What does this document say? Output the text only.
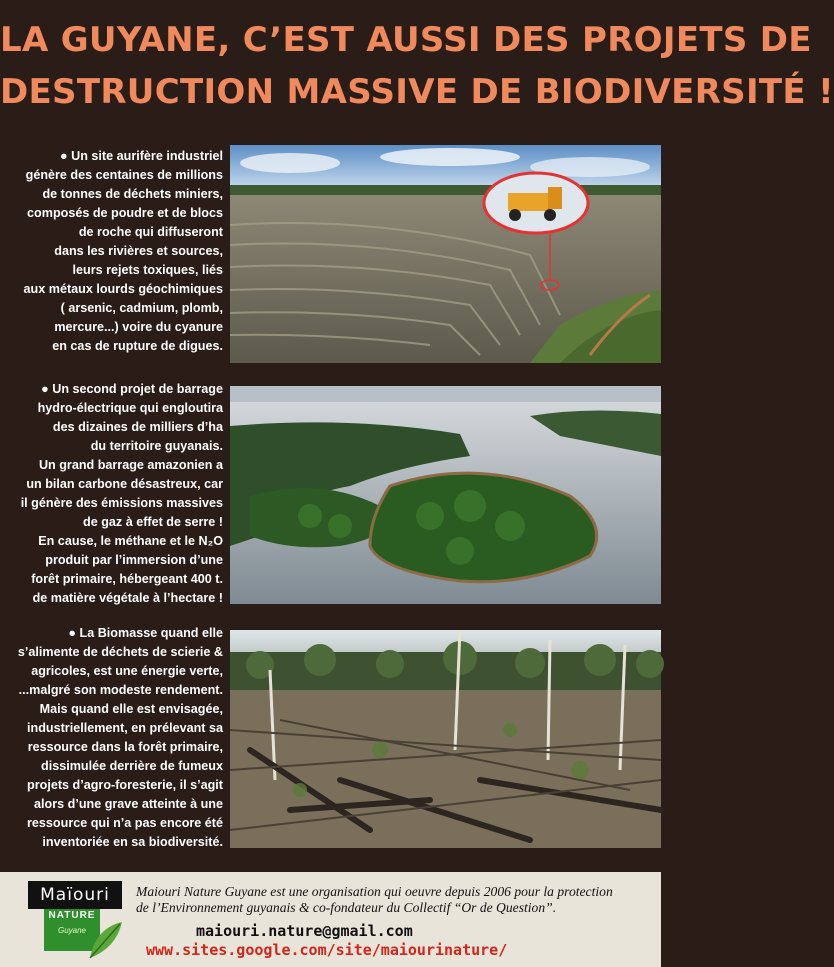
LA GUYANE, C’EST AUSSI DES PROJETS DE
DESTRUCTION MASSIVE DE BIODIVERSITÉ !
● Un site aurifère industriel
génère des centaines de millions
de tonnes de déchets miniers,
composés de poudre et de blocs
de roche qui diffuseront
dans les rivières et sources,
leurs rejets toxiques, liés
aux métaux lourds géochimiques
( arsenic, cadmium, plomb,
mercure...) voire du cyanure
en cas de rupture de digues.
● Un second projet de barrage
hydro-électrique qui engloutira
des dizaines de milliers d’ha
du territoire guyanais.
Un grand barrage amazonien a
un bilan carbone désastreux, car
il génère des émissions massives
de gaz à effet de serre !
En cause, le méthane et le N₂O
produit par l’immersion d’une
forêt primaire, hébergeant 400 t.
de matière végétale à l’hectare !
● La Biomasse quand elle
s’alimente de déchets de scierie &
agricoles, est une énergie verte,
...malgré son modeste rendement.
Mais quand elle est envisagée,
industriellement, en prélevant sa
ressource dans la forêt primaire,
dissimulée derrière de fumeux
projets d’agro-foresterie, il s’agit
alors d’une grave atteinte à une
ressource qui n’a pas encore été
inventoriée en sa biodiversité.
Maïouri
NATURE
Guyane
Maiouri Nature Guyane est une organisation qui oeuvre depuis 2006 pour la protection
de l’Environnement guyanais & co-fondateur du Collectif “Or de Question”.
maiouri.nature@gmail.com
www.sites.google.com/site/maiourinature/
